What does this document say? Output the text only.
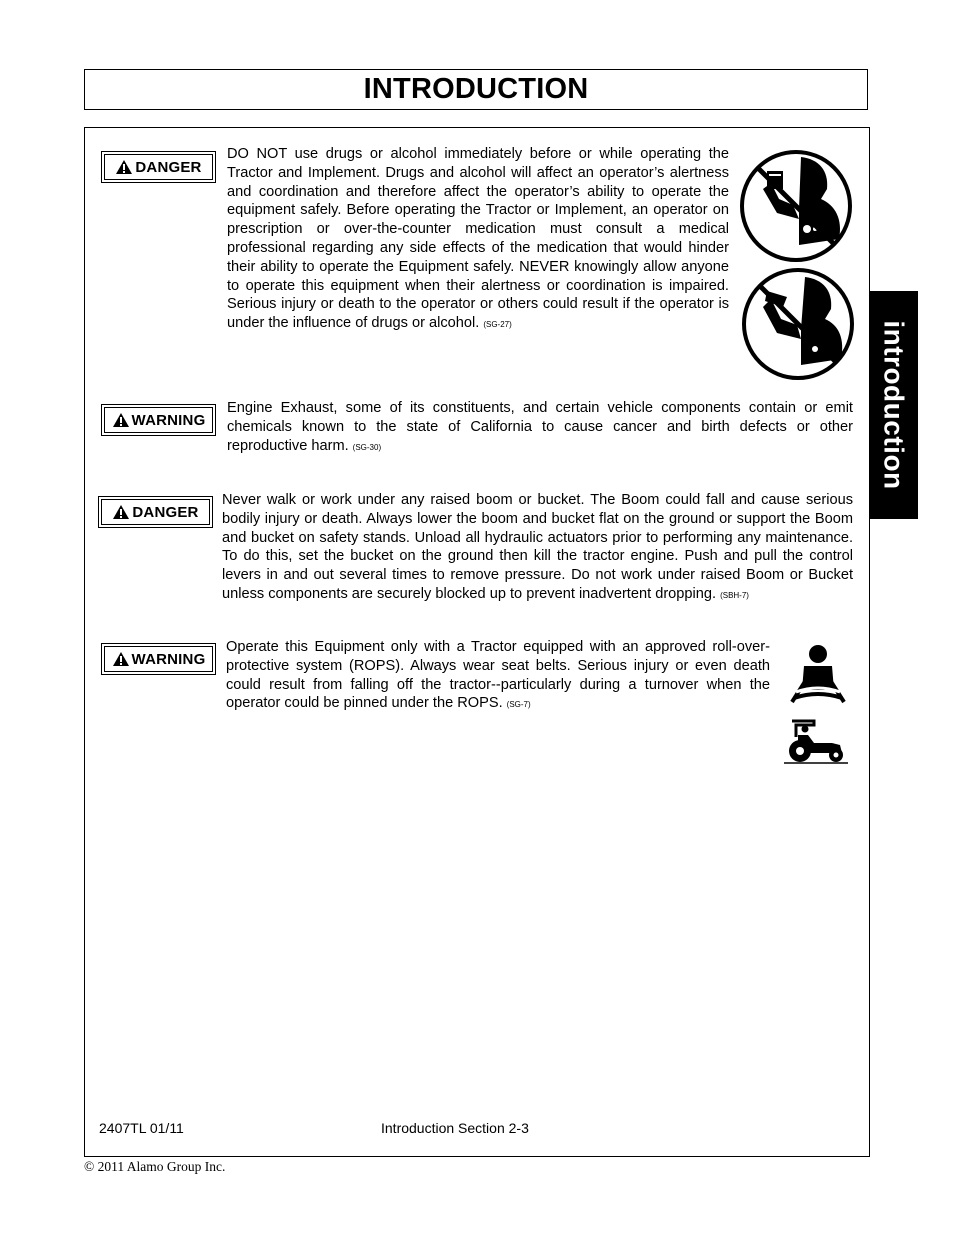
INTRODUCTION
introduction
DANGER
DO NOT use drugs or alcohol immediately before or while operating the Tractor and Implement. Drugs and alcohol will affect an operator’s alertness and coordination and therefore affect the operator’s ability to operate the equipment safely. Before operating the Tractor or Implement, an operator on prescription or over-the-counter medication must consult a medical professional regarding any side effects of the medication that would hinder their ability to operate the Equipment safely. NEVER knowingly allow anyone to operate this equipment when their alertness or coordination is impaired. Serious injury or death to the operator or others could result if the operator is under the influence of drugs or alcohol. (SG-27)
WARNING
Engine Exhaust, some of its constituents, and certain vehicle components contain or emit chemicals known to the state of California to cause cancer and birth defects or other reproductive harm. (SG-30)
DANGER
Never walk or work under any raised boom or bucket. The Boom could fall and cause serious bodily injury or death. Always lower the boom and bucket flat on the ground or support the Boom and bucket on safety stands. Unload all hydraulic actuators prior to performing any maintenance. To do this, set the bucket on the ground then kill the tractor engine. Push and pull the control levers in and out several times to remove pressure. Do not work under raised Boom or Bucket unless components are securely blocked up to prevent inadvertent dropping. (SBH-7)
WARNING
Operate this Equipment only with a Tractor equipped with an approved roll-over-protective system (ROPS). Always wear seat belts. Serious injury or even death could result from falling off the tractor--particularly during a turnover when the operator could be pinned under the ROPS. (SG-7)
2407TL 01/11	Introduction Section 2-3
© 2011 Alamo Group Inc.
